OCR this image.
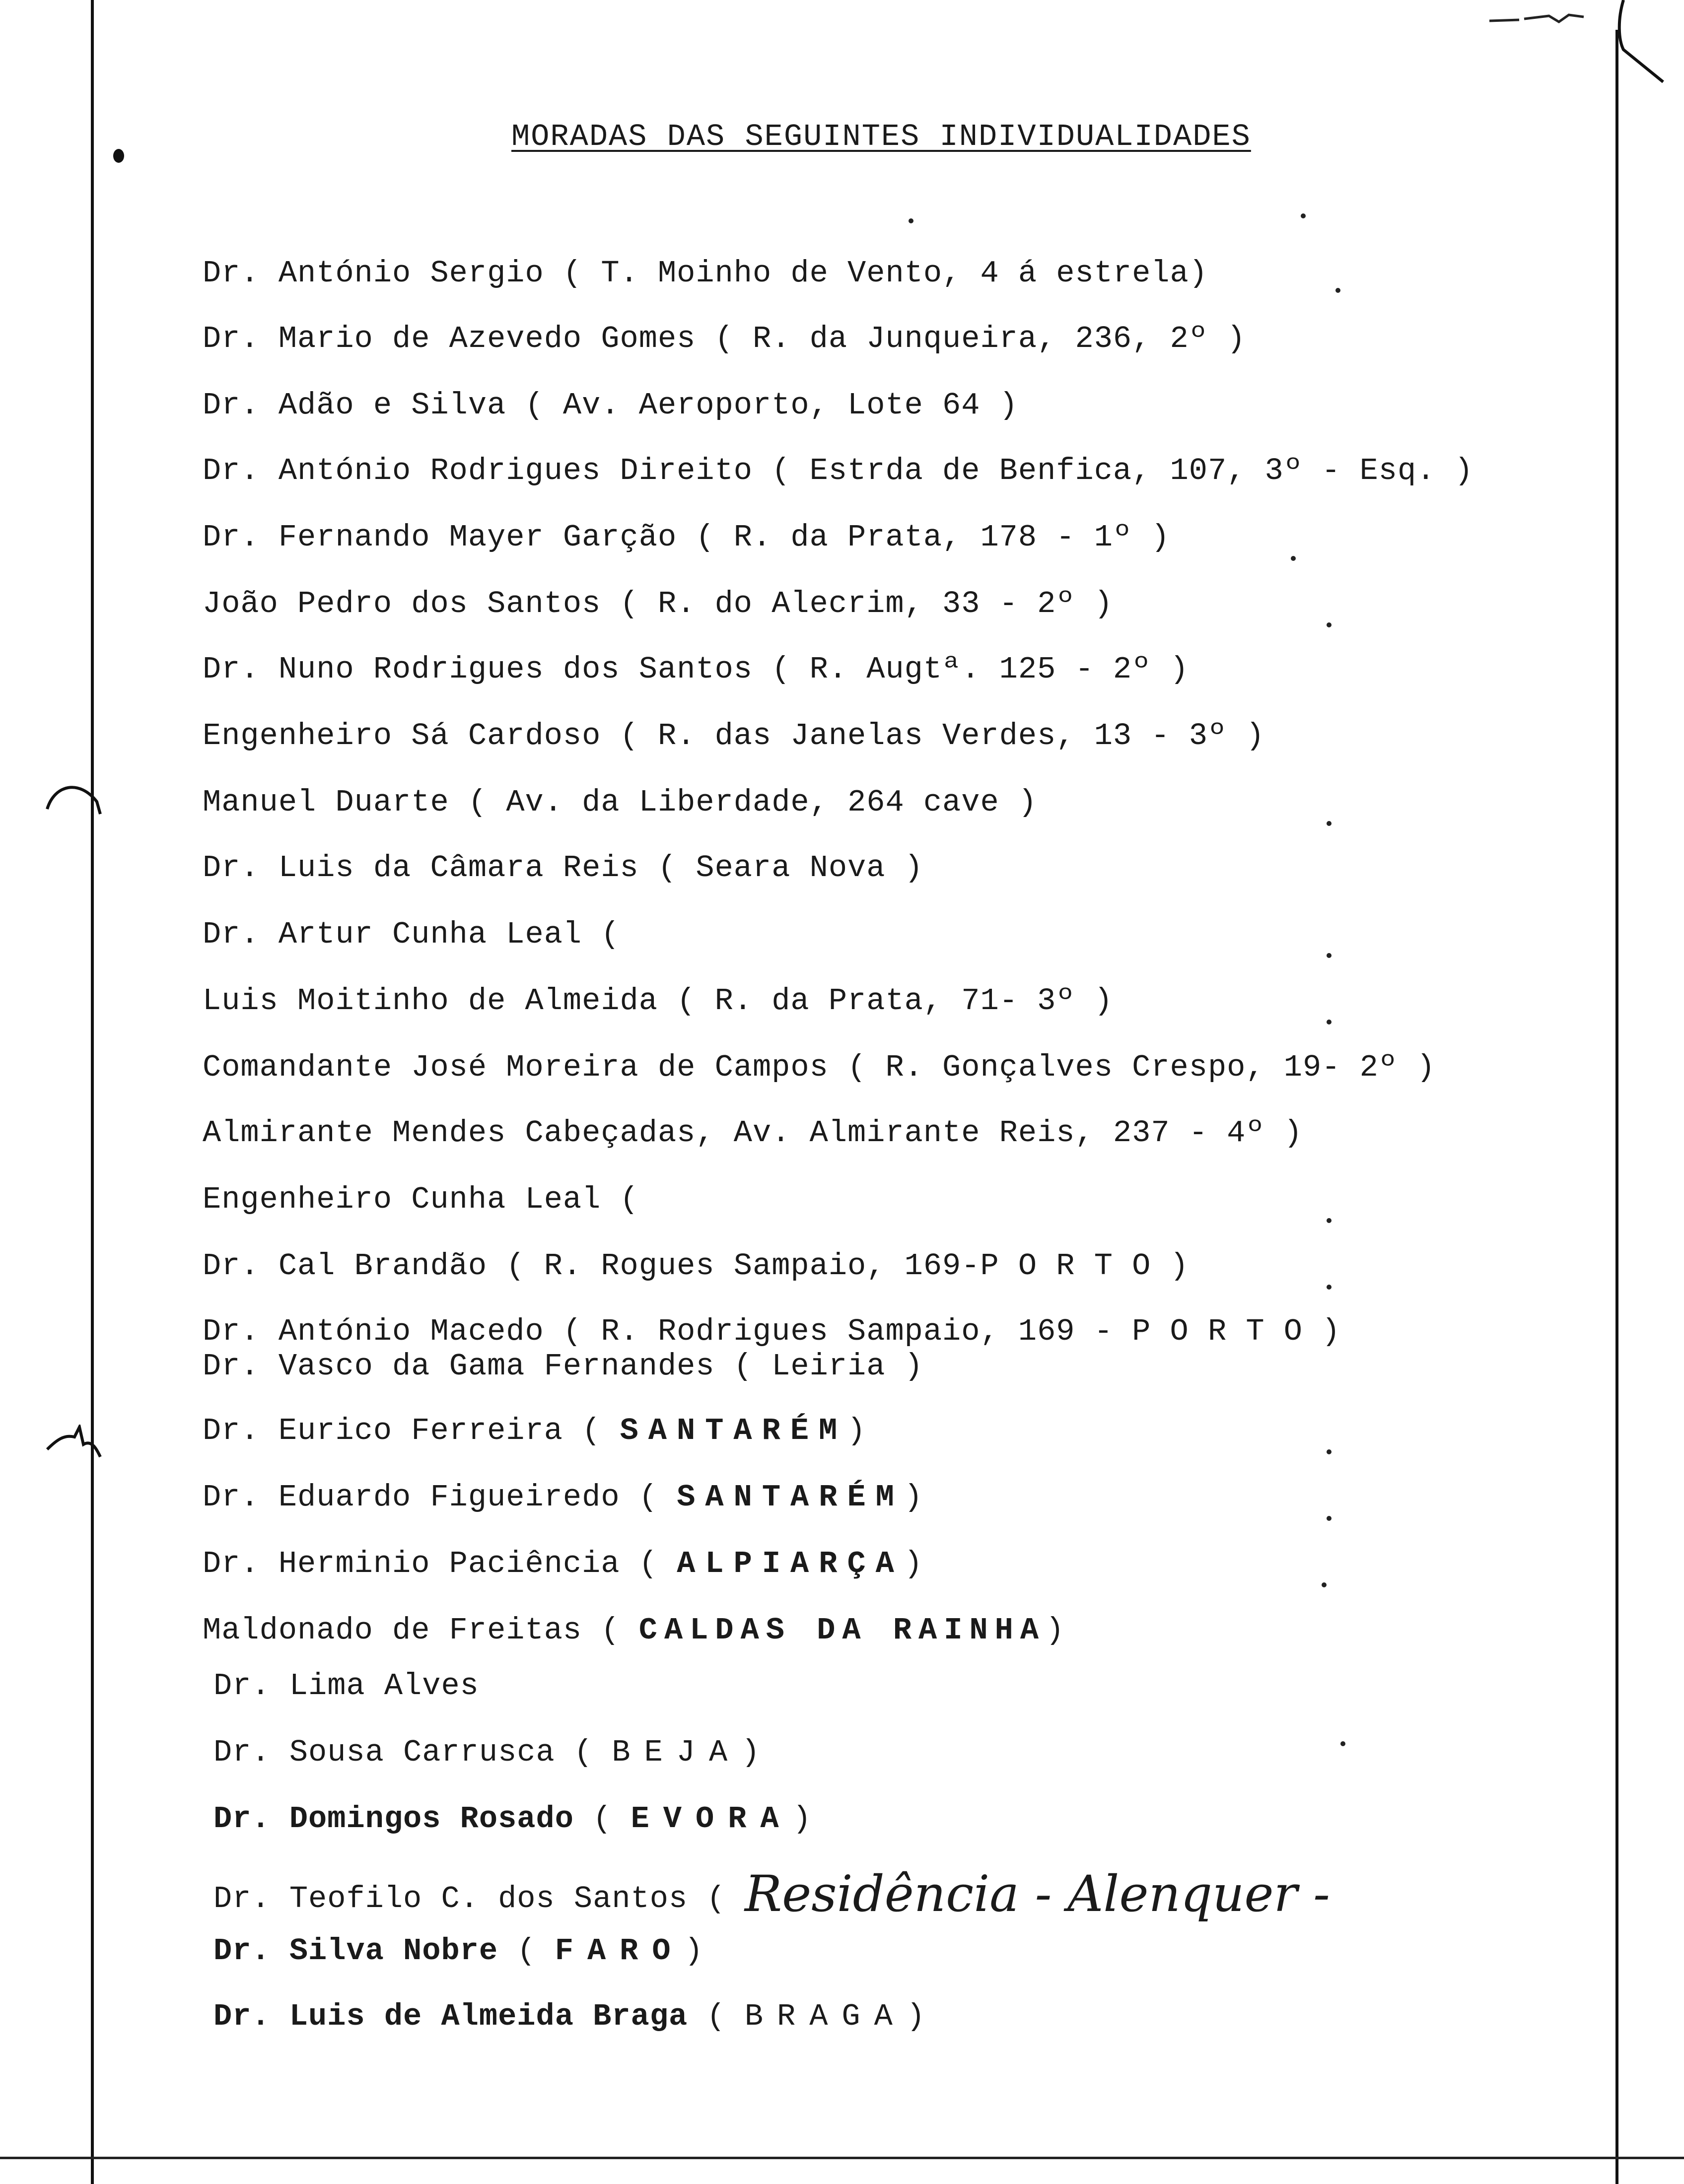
MORADAS DAS SEGUINTES INDIVIDUALIDADES
Dr. António Sergio ( T. Moinho de Vento, 4 á estrela)
Dr. Mario de Azevedo Gomes ( R. da Junqueira, 236, 2º )
Dr. Adão e Silva ( Av. Aeroporto, Lote 64 )
Dr. António Rodrigues Direito ( Estrda de Benfica, 107, 3º - Esq. )
Dr. Fernando Mayer Garção ( R. da Prata, 178 - 1º )
João Pedro dos Santos ( R. do Alecrim, 33 - 2º )
Dr. Nuno Rodrigues dos Santos ( R. Augtª. 125 - 2º )
Engenheiro Sá Cardoso ( R. das Janelas Verdes, 13 - 3º )
Manuel Duarte ( Av. da Liberdade, 264 cave )
Dr. Luis da Câmara Reis ( Seara Nova )
Dr. Artur Cunha Leal (
Luis Moitinho de Almeida ( R. da Prata, 71- 3º )
Comandante José Moreira de Campos ( R. Gonçalves Crespo, 19- 2º )
Almirante Mendes Cabeçadas, Av. Almirante Reis, 237 - 4º )
Engenheiro Cunha Leal (
Dr. Cal Brandão ( R. Rogues Sampaio, 169-P O R T O )
Dr. António Macedo ( R. Rodrigues Sampaio, 169 - P O R T O )
Dr. Vasco da Gama Fernandes ( Leiria )
Dr. Eurico Ferreira ( SANTARÉM)
Dr. Eduardo Figueiredo ( SANTARÉM)
Dr. Herminio Paciência ( ALPIARÇA)
Maldonado de Freitas ( CALDAS DA RAINHA)
Dr. Lima Alves
Dr. Sousa Carrusca ( BEJA)
Dr. Domingos Rosado ( EVORA)
Dr. Teofilo C. dos Santos ( Residência - Alenquer -
Dr. Silva Nobre ( FARO)
Dr. Luis de Almeida Braga ( BRAGA)
